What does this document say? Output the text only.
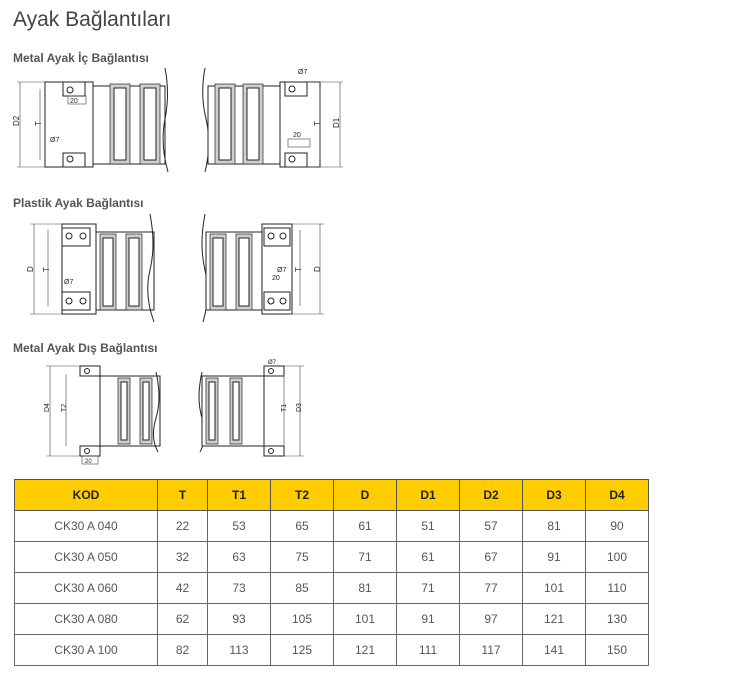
Ayak Bağlantıları
Metal Ayak İç Bağlantısı
D2 T
20
Ø7
Ø7
20
T D1
Plastik Ayak Bağlantısı
D T
Ø7
20
Ø7 T D
Metal Ayak Dış Bağlantısı
D4 T2
20
Ø7
T1 D3
KOD	T	T1	T2	D	D1	D2	D3	D4
CK30 A 040	22	53	65	61	51	57	81	90
CK30 A 050	32	63	75	71	61	67	91	100
CK30 A 060	42	73	85	81	71	77	101	110
CK30 A 080	62	93	105	101	91	97	121	130
CK30 A 100	82	113	125	121	111	117	141	150
